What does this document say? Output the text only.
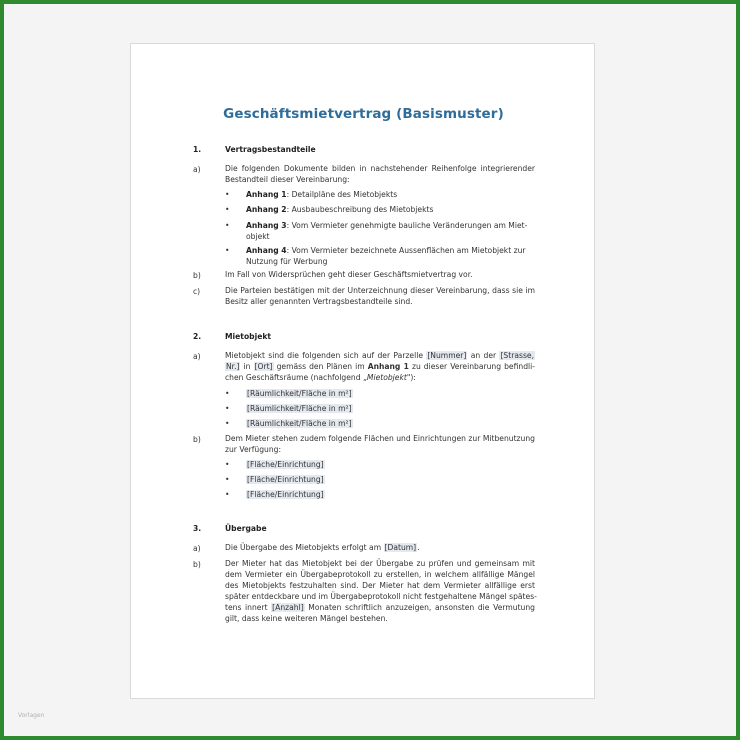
Geschäftsmietvertrag (Basismuster)
1.	Vertragsbestandteile
a)	Die folgenden Dokumente bilden in nachstehender Reihenfolge integrierender
Bestandteil dieser Vereinbarung:
•	Anhang 1: Detailpläne des Mietobjekts
•	Anhang 2: Ausbaubeschreibung des Mietobjekts
•	Anhang 3: Vom Vermieter genehmigte bauliche Veränderungen am Miet-
objekt
•	Anhang 4: Vom Vermieter bezeichnete Aussenflächen am Mietobjekt zur
Nutzung für Werbung
b)	Im Fall von Widersprüchen geht dieser Geschäftsmietvertrag vor.
c)	Die Parteien bestätigen mit der Unterzeichnung dieser Vereinbarung, dass sie im
Besitz aller genannten Vertragsbestandteile sind.
2.	Mietobjekt
a)	Mietobjekt sind die folgenden sich auf der Parzelle [Nummer] an der [Strasse,
Nr.] in [Ort] gemäss den Plänen im Anhang 1 zu dieser Vereinbarung befindli-
chen Geschäftsräume (nachfolgend „Mietobjekt"):
•	[Räumlichkeit/Fläche in m²]
•	[Räumlichkeit/Fläche in m²]
•	[Räumlichkeit/Fläche in m²]
b)	Dem Mieter stehen zudem folgende Flächen und Einrichtungen zur Mitbenutzung
zur Verfügung:
•	[Fläche/Einrichtung]
•	[Fläche/Einrichtung]
•	[Fläche/Einrichtung]
3.	Übergabe
a)	Die Übergabe des Mietobjekts erfolgt am [Datum].
b)	Der Mieter hat das Mietobjekt bei der Übergabe zu prüfen und gemeinsam mit
dem Vermieter ein Übergabeprotokoll zu erstellen, in welchem allfällige Mängel
des Mietobjekts festzuhalten sind. Der Mieter hat dem Vermieter allfällige erst
später entdeckbare und im Übergabeprotokoll nicht festgehaltene Mängel spätes-
tens innert [Anzahl] Monaten schriftlich anzuzeigen, ansonsten die Vermutung
gilt, dass keine weiteren Mängel bestehen.
Vorlagen
